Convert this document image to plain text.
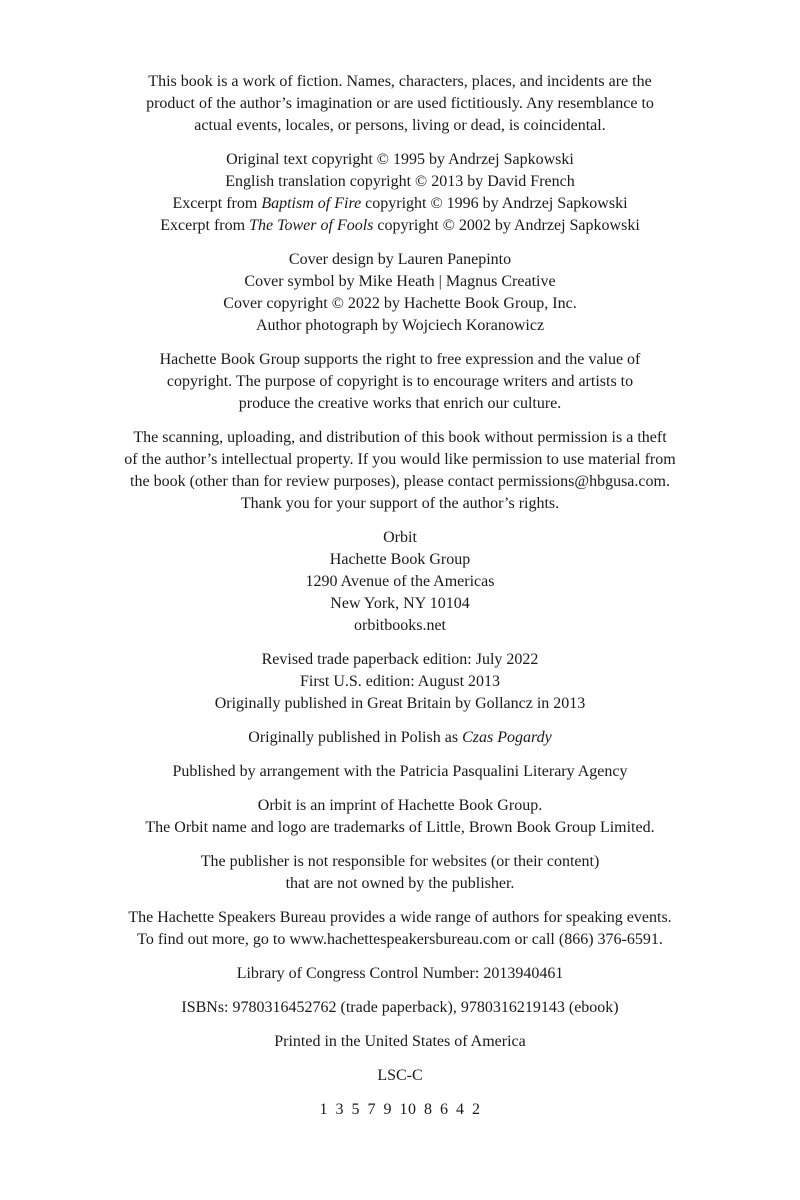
This book is a work of fiction. Names, characters, places, and incidents are the
product of the author’s imagination or are used fictitiously. Any resemblance to
actual events, locales, or persons, living or dead, is coincidental.
Original text copyright © 1995 by Andrzej Sapkowski
English translation copyright © 2013 by David French
Excerpt from Baptism of Fire copyright © 1996 by Andrzej Sapkowski
Excerpt from The Tower of Fools copyright © 2002 by Andrzej Sapkowski
Cover design by Lauren Panepinto
Cover symbol by Mike Heath | Magnus Creative
Cover copyright © 2022 by Hachette Book Group, Inc.
Author photograph by Wojciech Koranowicz
Hachette Book Group supports the right to free expression and the value of
copyright. The purpose of copyright is to encourage writers and artists to
produce the creative works that enrich our culture.
The scanning, uploading, and distribution of this book without permission is a theft
of the author’s intellectual property. If you would like permission to use material from
the book (other than for review purposes), please contact permissions@hbgusa.com.
Thank you for your support of the author’s rights.
Orbit
Hachette Book Group
1290 Avenue of the Americas
New York, NY 10104
orbitbooks.net
Revised trade paperback edition: July 2022
First U.S. edition: August 2013
Originally published in Great Britain by Gollancz in 2013
Originally published in Polish as Czas Pogardy
Published by arrangement with the Patricia Pasqualini Literary Agency
Orbit is an imprint of Hachette Book Group.
The Orbit name and logo are trademarks of Little, Brown Book Group Limited.
The publisher is not responsible for websites (or their content)
that are not owned by the publisher.
The Hachette Speakers Bureau provides a wide range of authors for speaking events.
To find out more, go to www.hachettespeakersbureau.com or call (866) 376-6591.
Library of Congress Control Number: 2013940461
ISBNs: 9780316452762 (trade paperback), 9780316219143 (ebook)
Printed in the United States of America
LSC-C
1 3 5 7 9 10 8 6 4 2
